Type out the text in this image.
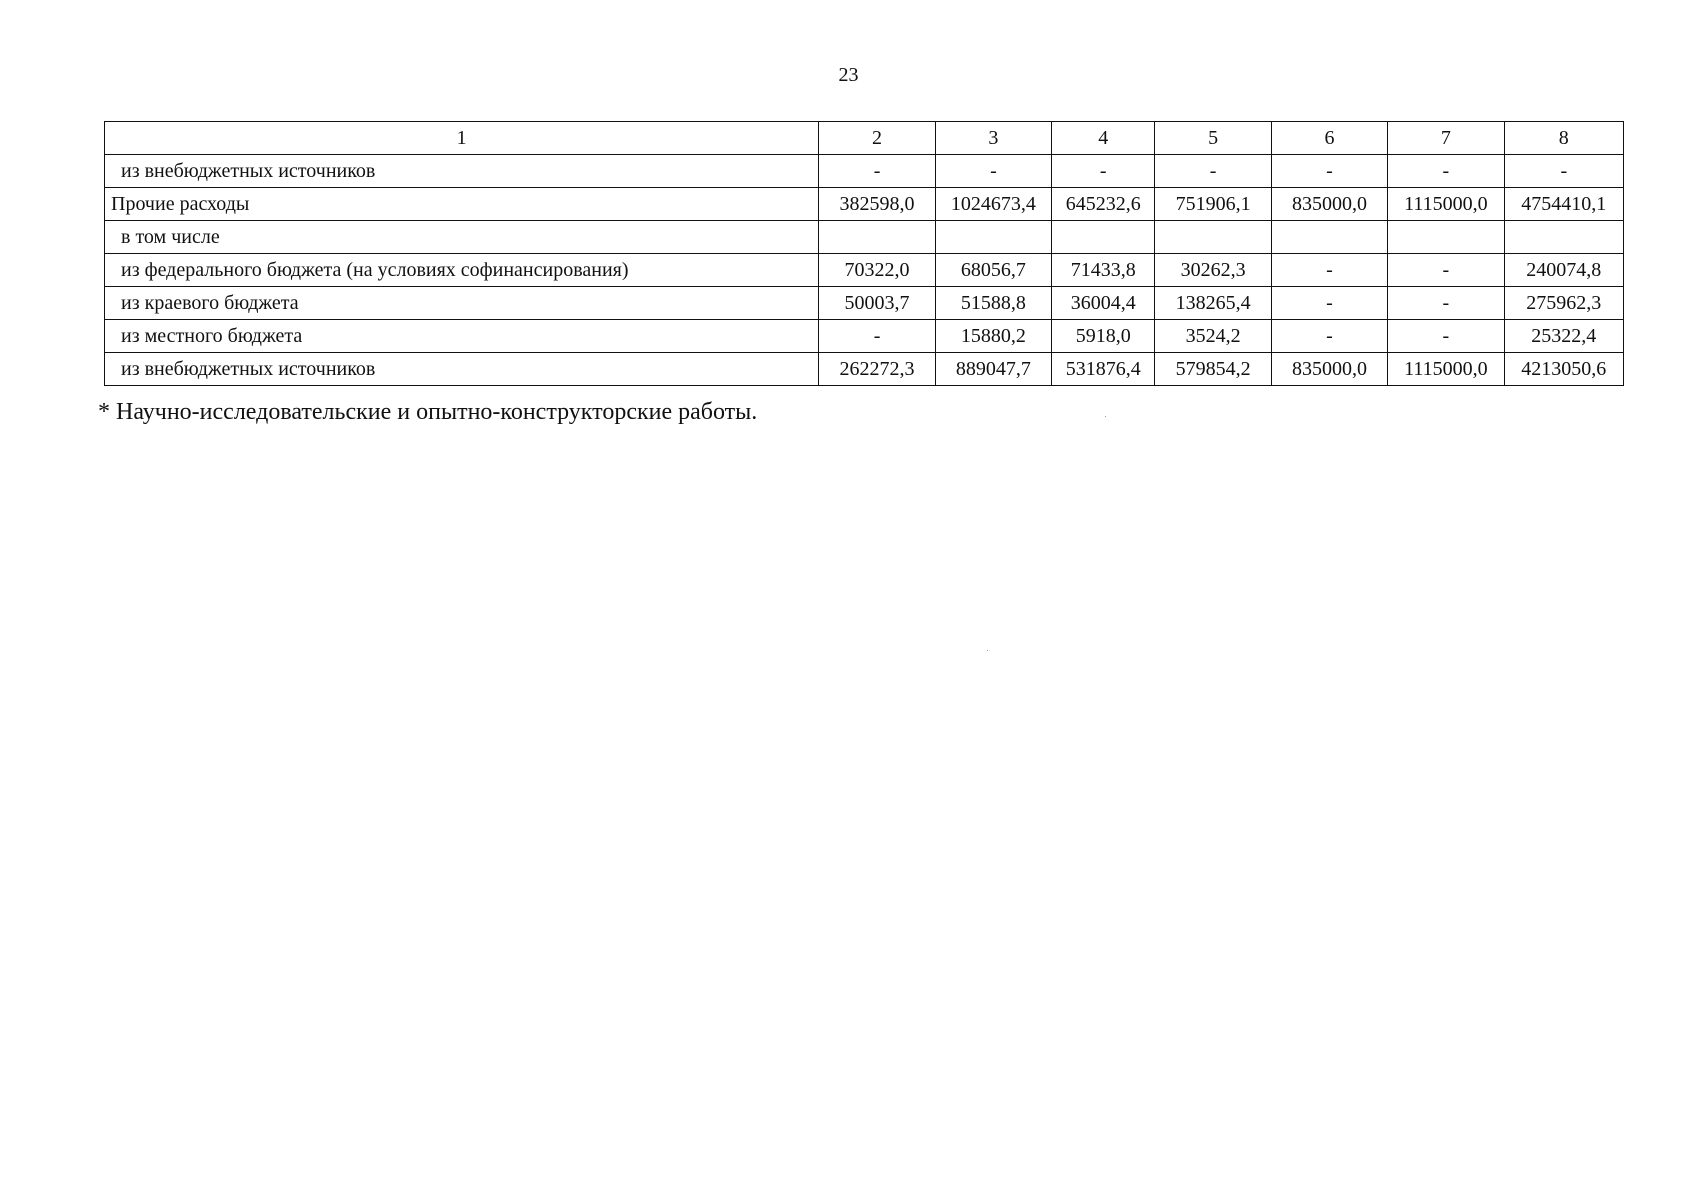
23
1	2	3	4	5	6	7	8
из внебюджетных источников	-	-	-	-	-	-	-
Прочие расходы	382598,0	1024673,4	645232,6	751906,1	835000,0	1115000,0	4754410,1
в том числе							
из федерального бюджета (на условиях софинансирования)	70322,0	68056,7	71433,8	30262,3	-	-	240074,8
из краевого бюджета	50003,7	51588,8	36004,4	138265,4	-	-	275962,3
из местного бюджета	-	15880,2	5918,0	3524,2	-	-	25322,4
из внебюджетных источников	262272,3	889047,7	531876,4	579854,2	835000,0	1115000,0	4213050,6
* Научно-исследовательские и опытно-конструкторские работы.
